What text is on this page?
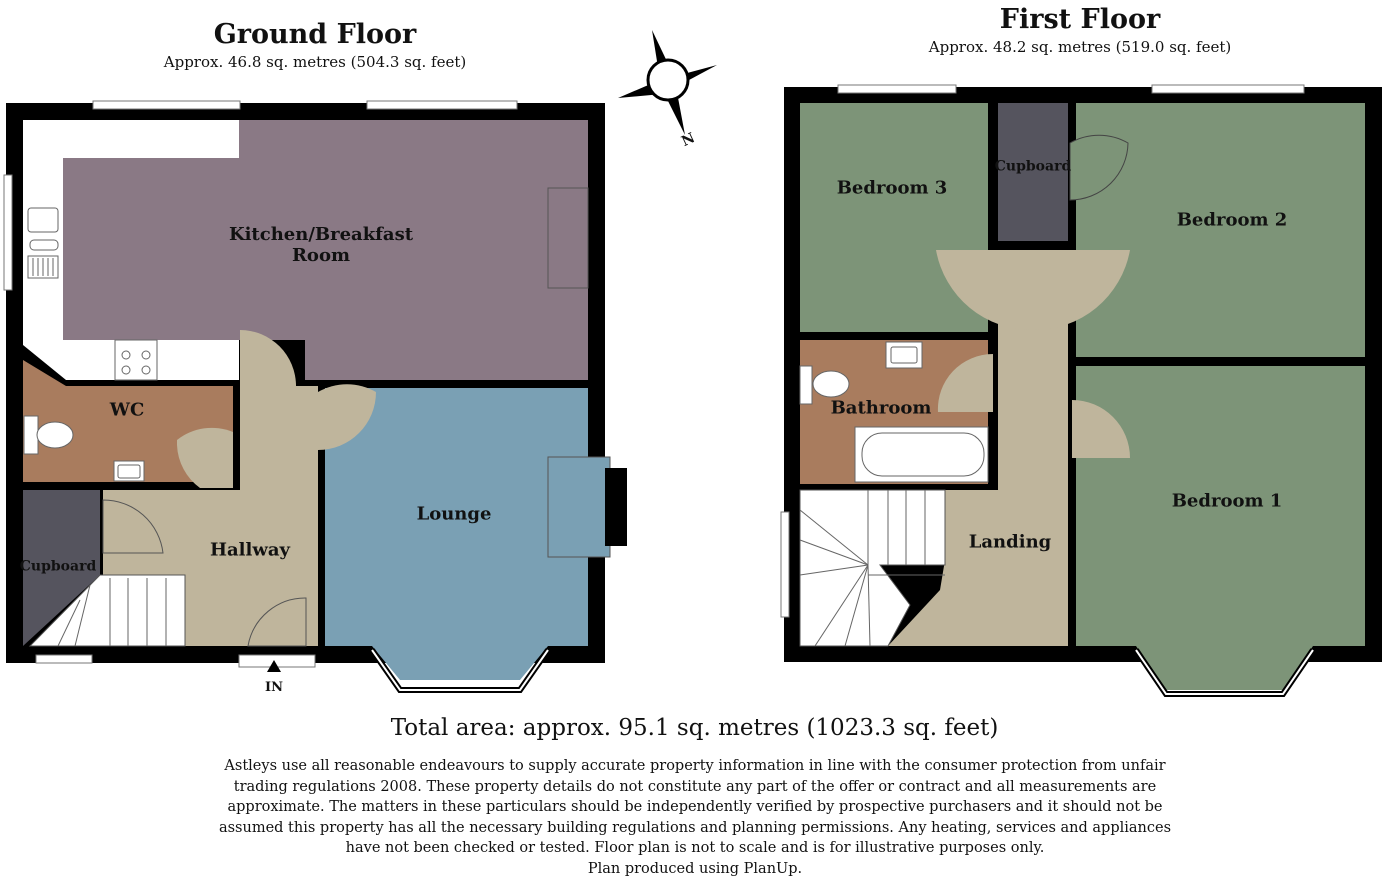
Ground Floor
Approx. 46.8 sq. metres (504.3 sq. feet)
First Floor
Approx. 48.2 sq. metres (519.0 sq. feet)
Kitchen/Breakfast
Room
WC
Lounge
Hallway
Cupboard
IN
Bedroom 3
Cupboard
Bedroom 2
Bathroom
Bedroom 1
Landing
N
Total area: approx. 95.1 sq. metres (1023.3 sq. feet)
Astleys use all reasonable endeavours to supply accurate property information in line with the consumer protection from unfair trading regulations 2008. These property details do not constitute any part of the offer or contract and all measurements are approximate. The matters in these particulars should be independently verified by prospective purchasers and it should not be assumed this property has all the necessary building regulations and planning permissions. Any heating, services and appliances have not been checked or tested. Floor plan is not to scale and is for illustrative purposes only.
Plan produced using PlanUp.
